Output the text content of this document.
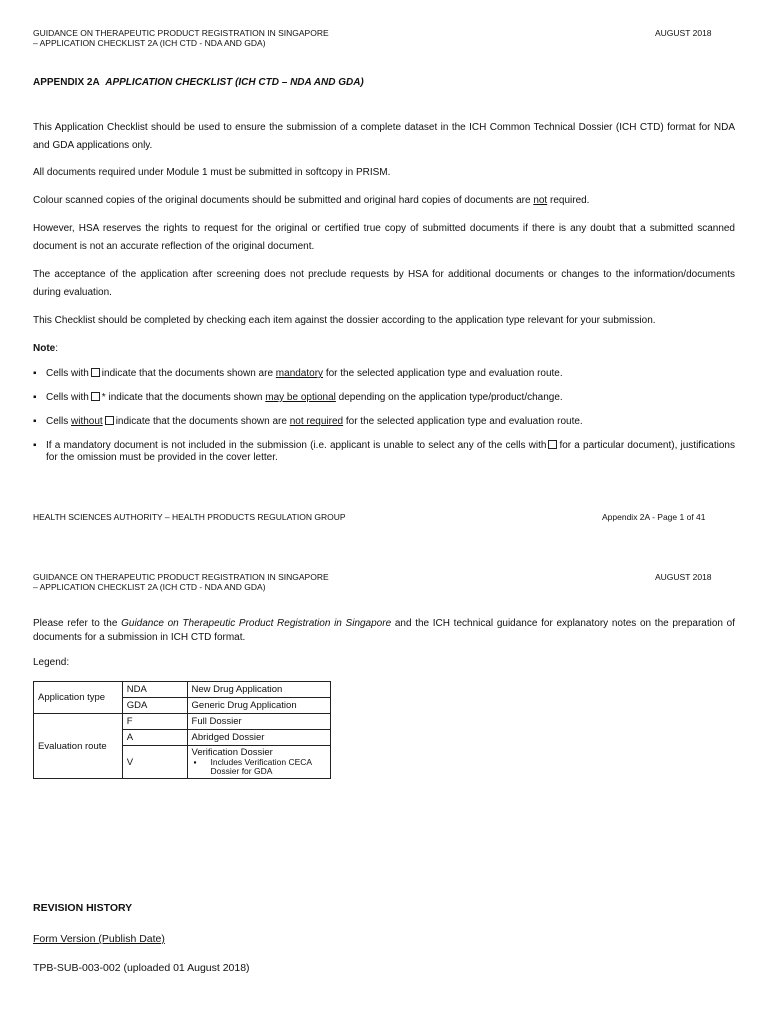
GUIDANCE ON THERAPEUTIC PRODUCT REGISTRATION IN SINGAPORE
– APPLICATION CHECKLIST 2A (ICH CTD - NDA AND GDA)
AUGUST 2018
APPENDIX 2A APPLICATION CHECKLIST (ICH CTD – NDA AND GDA)

This Application Checklist should be used to ensure the submission of a complete dataset in the ICH Common Technical Dossier (ICH CTD) format for NDA and GDA applications only.

All documents required under Module 1 must be submitted in softcopy in PRISM.

Colour scanned copies of the original documents should be submitted and original hard copies of documents are not required.

However, HSA reserves the rights to request for the original or certified true copy of submitted documents if there is any doubt that a submitted scanned document is not an accurate reflection of the original document.

The acceptance of the application after screening does not preclude requests by HSA for additional documents or changes to the information/documents during evaluation.

This Checklist should be completed by checking each item against the dossier according to the application type relevant for your submission.

Note:
▪ Cells with indicate that the documents shown are mandatory for the selected application type and evaluation route.
▪ Cells with * indicate that the documents shown may be optional depending on the application type/product/change.
▪ Cells without indicate that the documents shown are not required for the selected application type and evaluation route.
▪ If a mandatory document is not included in the submission (i.e. applicant is unable to select any of the cells with for a particular document), justifications for the omission must be provided in the cover letter.
HEALTH SCIENCES AUTHORITY – HEALTH PRODUCTS REGULATION GROUP	Appendix 2A - Page 1 of 41
GUIDANCE ON THERAPEUTIC PRODUCT REGISTRATION IN SINGAPORE
– APPLICATION CHECKLIST 2A (ICH CTD - NDA AND GDA)
AUGUST 2018

Please refer to the Guidance on Therapeutic Product Registration in Singapore and the ICH technical guidance for explanatory notes on the preparation of documents for a submission in ICH CTD format.

Legend:
Application type	NDA	New Drug Application
	GDA	Generic Drug Application
Evaluation route	F	Full Dossier
	A	Abridged Dossier
	V	Verification Dossier
▪ Includes Verification CECA Dossier for GDA
REVISION HISTORY
Form Version (Publish Date)
TPB-SUB-003-002 (uploaded 01 August 2018)
